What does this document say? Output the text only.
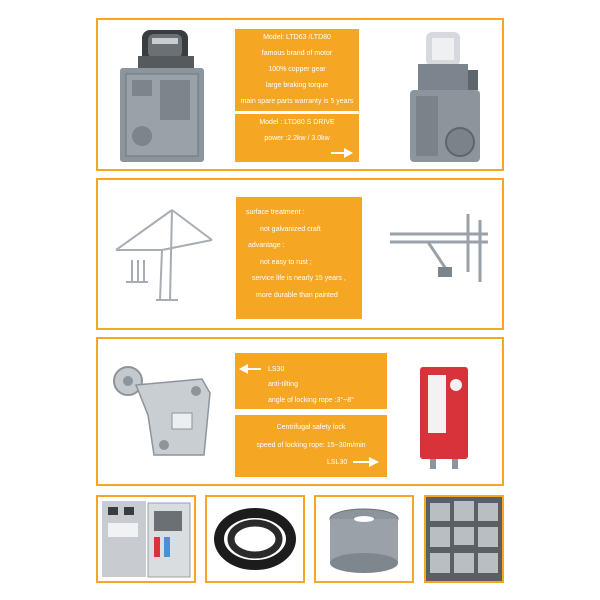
Model: LTD63 /LTD80
famous brand of motor
100% copper gear
large braking torque
main spare parts warranty is 5 years
Model : LTD80 S DRIVE
power :2.2kw / 3.0kw
surface treatment :
not galvanized craft
advantage :
not easy to rust ;
service life is nearly 15 years ,
more durable than painted
LS30
anti-tilting
angle of locking rope :3°~8°
Centrifugal safety lock
speed of locking rope: 15~30m/min
LSL30
